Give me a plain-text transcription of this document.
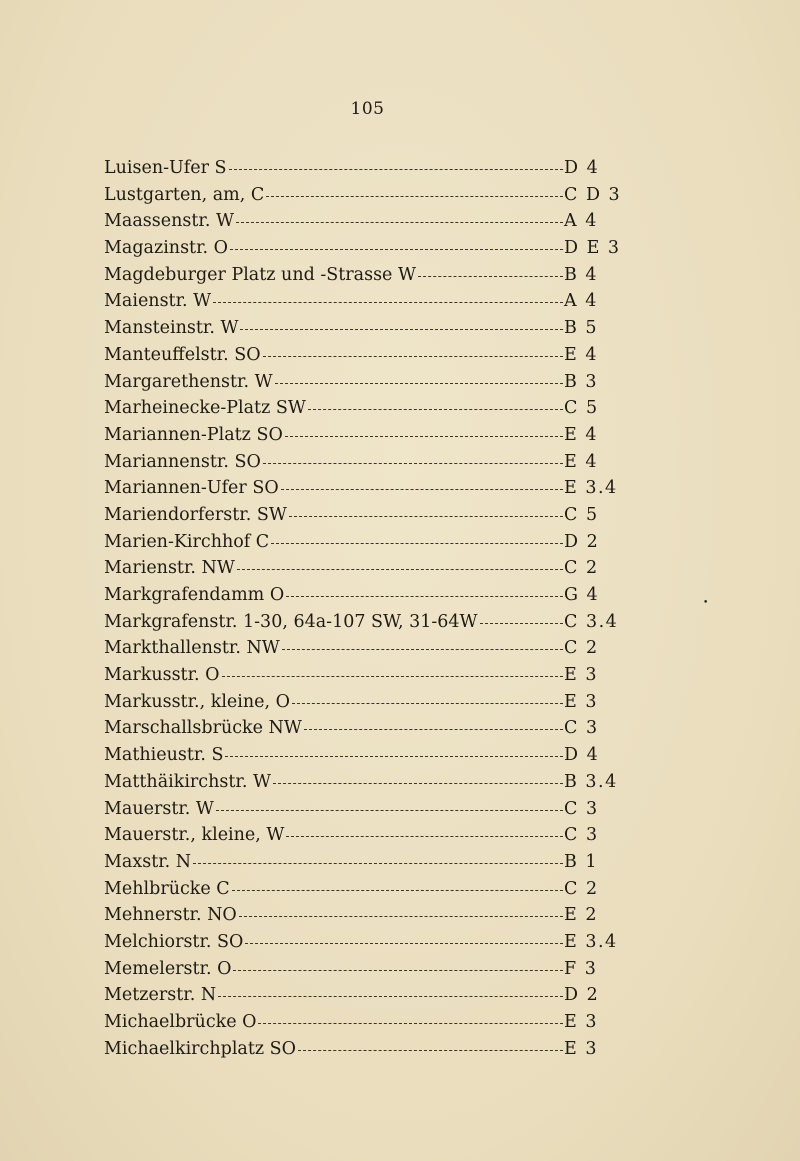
105
Luisen-Ufer S	D 4
Lustgarten, am, C	C D 3
Maassenstr. W	A 4
Magazinstr. O	D E 3
Magdeburger Platz und -Strasse W	B 4
Maienstr. W	A 4
Mansteinstr. W	B 5
Manteuffelstr. SO	E 4
Margarethenstr. W	B 3
Marheinecke-Platz SW	C 5
Mariannen-Platz SO	E 4
Mariannenstr. SO	E 4
Mariannen-Ufer SO	E 3.4
Mariendorferstr. SW	C 5
Marien-Kirchhof C	D 2
Marienstr. NW	C 2
Markgrafendamm O	G 4
Markgrafenstr. 1-30, 64a-107 SW, 31-64W	C 3.4
Markthallenstr. NW	C 2
Markusstr. O	E 3
Markusstr., kleine, O	E 3
Marschallsbrücke NW	C 3
Mathieustr. S	D 4
Matthäikirchstr. W	B 3.4
Mauerstr. W	C 3
Mauerstr., kleine, W	C 3
Maxstr. N	B 1
Mehlbrücke C	C 2
Mehnerstr. NO	E 2
Melchiorstr. SO	E 3.4
Memelerstr. O	F 3
Metzerstr. N	D 2
Michaelbrücke O	E 3
Michaelkirchplatz SO	E 3
•
